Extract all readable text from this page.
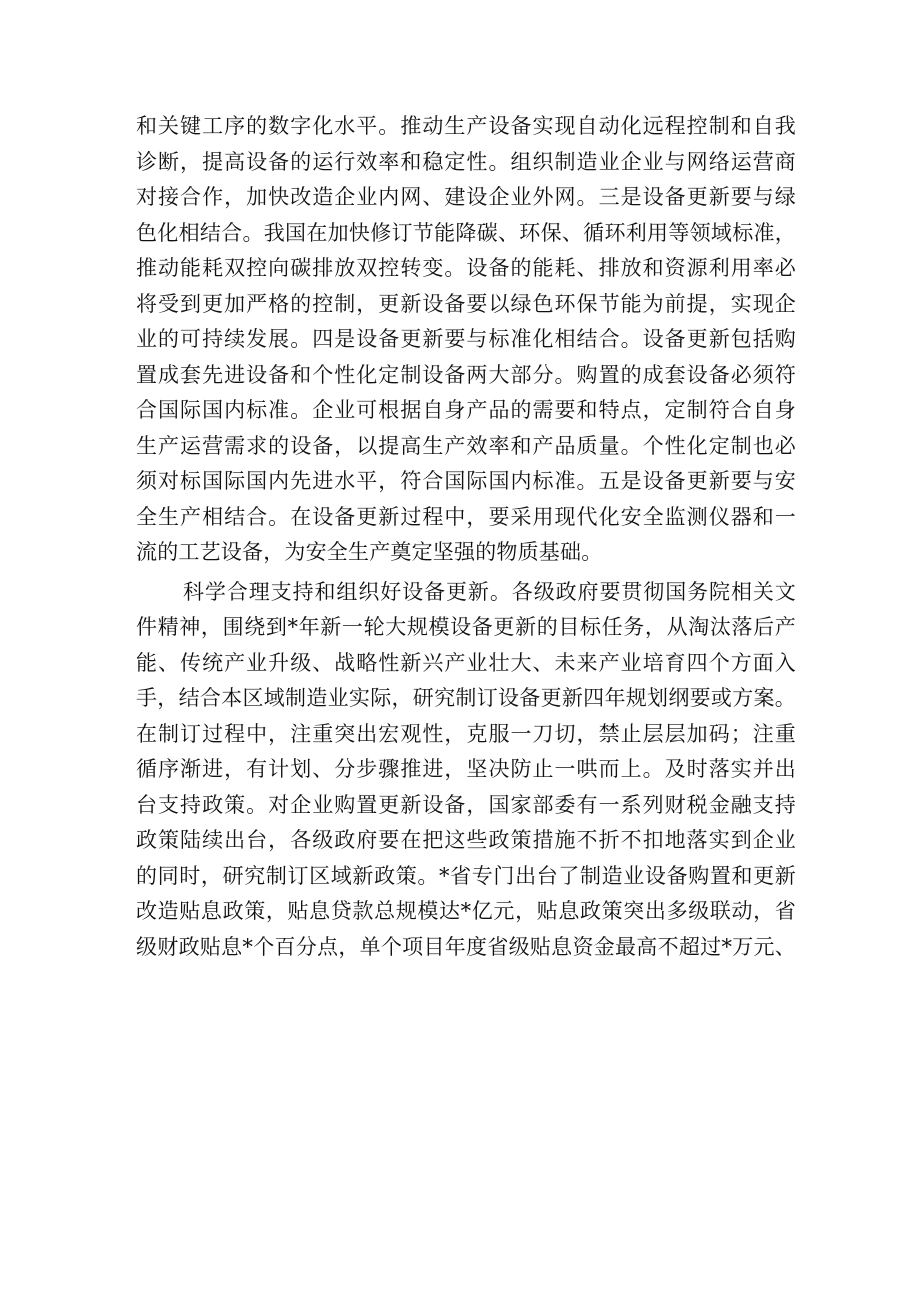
和关键工序的数字化水平。推动生产设备实现自动化远程控制和自我
诊断，提高设备的运行效率和稳定性。组织制造业企业与网络运营商
对接合作，加快改造企业内网、建设企业外网。三是设备更新要与绿
色化相结合。我国在加快修订节能降碳、环保、循环利用等领域标准，
推动能耗双控向碳排放双控转变。设备的能耗、排放和资源利用率必
将受到更加严格的控制，更新设备要以绿色环保节能为前提，实现企
业的可持续发展。四是设备更新要与标准化相结合。设备更新包括购
置成套先进设备和个性化定制设备两大部分。购置的成套设备必须符
合国际国内标准。企业可根据自身产品的需要和特点，定制符合自身
生产运营需求的设备，以提高生产效率和产品质量。个性化定制也必
须对标国际国内先进水平，符合国际国内标准。五是设备更新要与安
全生产相结合。在设备更新过程中，要采用现代化安全监测仪器和一
流的工艺设备，为安全生产奠定坚强的物质基础。
科学合理支持和组织好设备更新。各级政府要贯彻国务院相关文
件精神，围绕到*年新一轮大规模设备更新的目标任务，从淘汰落后产
能、传统产业升级、战略性新兴产业壮大、未来产业培育四个方面入
手，结合本区域制造业实际，研究制订设备更新四年规划纲要或方案。
在制订过程中，注重突出宏观性，克服一刀切，禁止层层加码；注重
循序渐进，有计划、分步骤推进，坚决防止一哄而上。及时落实并出
台支持政策。对企业购置更新设备，国家部委有一系列财税金融支持
政策陆续出台，各级政府要在把这些政策措施不折不扣地落实到企业
的同时，研究制订区域新政策。*省专门出台了制造业设备购置和更新
改造贴息政策，贴息贷款总规模达*亿元，贴息政策突出多级联动，省
级财政贴息*个百分点，单个项目年度省级贴息资金最高不超过*万元、
